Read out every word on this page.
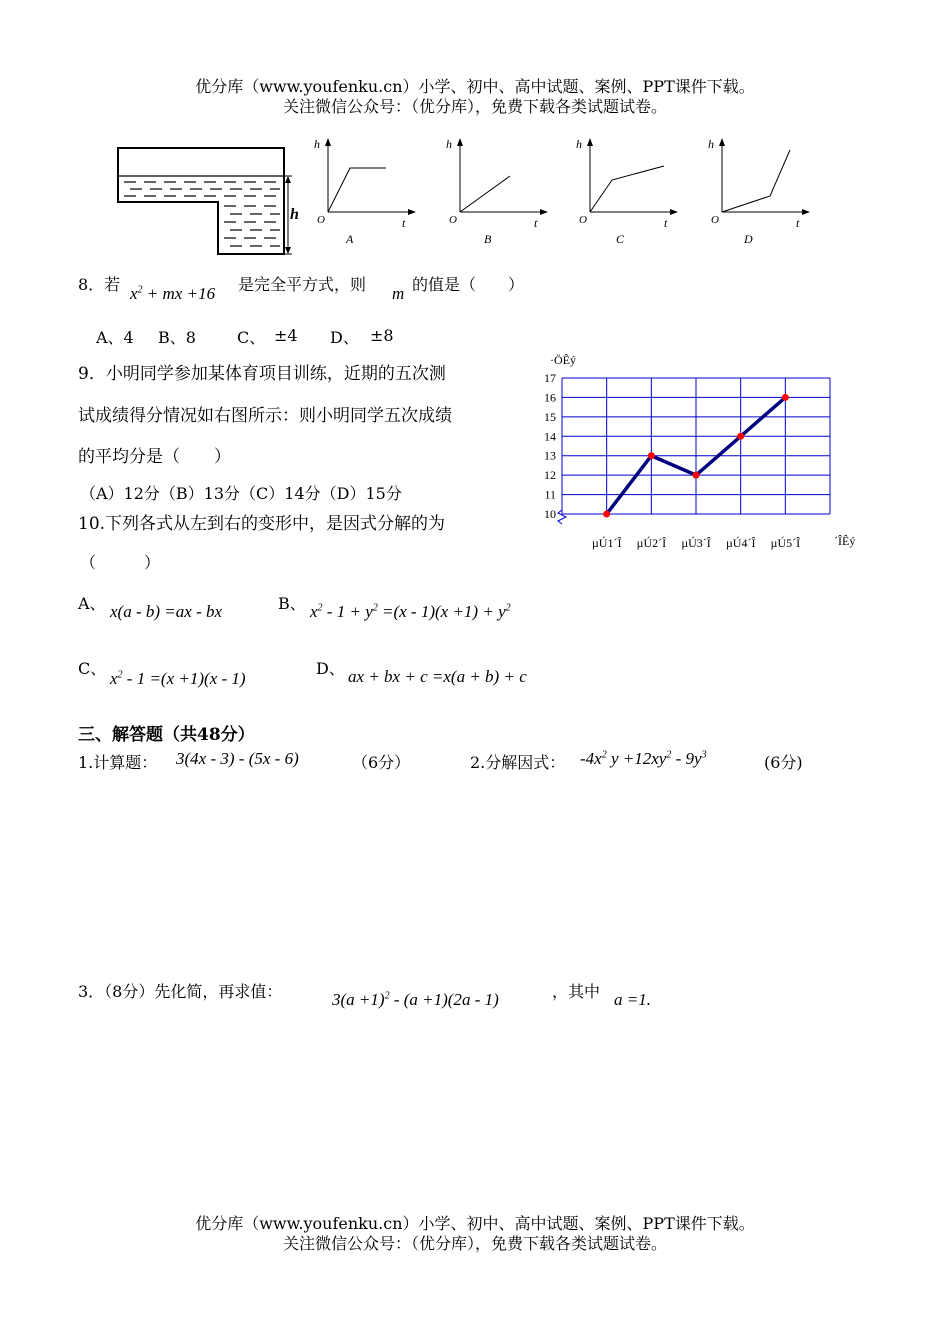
优分库（www.youfenku.cn）小学、初中、高中试题、案例、PPT课件下载。
关注微信公众号：（优分库），免费下载各类试题试卷。
h
h
O	t
A
h
O	t
B
h
O	t
C
h
O	t
D
8．若 $x^2$ + mx +16 是完全平方式，则 m 的值是（　　）
A、4 B、8	C、 ±4 D、 ±8
9．小明同学参加某体育项目训练，近期的五次测
试成绩得分情况如右图所示：则小明同学五次成绩
的平均分是（　　）
（A）12分（B）13分（C）14分（D）15分
·ÖÊý
´ÎÊý
10
11
12
13
14
15
16
17
µÚ1´Î µÚ2´Î µÚ3´Î µÚ4´Î µÚ5´Î
10.下列各式从左到右的变形中，是因式分解的为
（　　　）
A、 x(a - b) =ax - bx	B、 $x^2 - 1 + y^2 =(x - 1)(x +1) + y^2$
C、
$x^2 - 1 =(x +1)(x - 1)$
D、 ax + bx + c =x(a + b) + c
三、解答题（共48分）
1.计算题： 3(4x - 3) - (5x - 6)	（6分）	2.分解因式： $-4x^2$ $y +12xy^2 - 9y^3$	(6分)
3．（8分）先化简，再求值：	$3(a +1)^2 - (a +1)(2a - 1)$	，其中 a =1.
优分库（www.youfenku.cn）小学、初中、高中试题、案例、PPT课件下载。
关注微信公众号：（优分库），免费下载各类试题试卷。
